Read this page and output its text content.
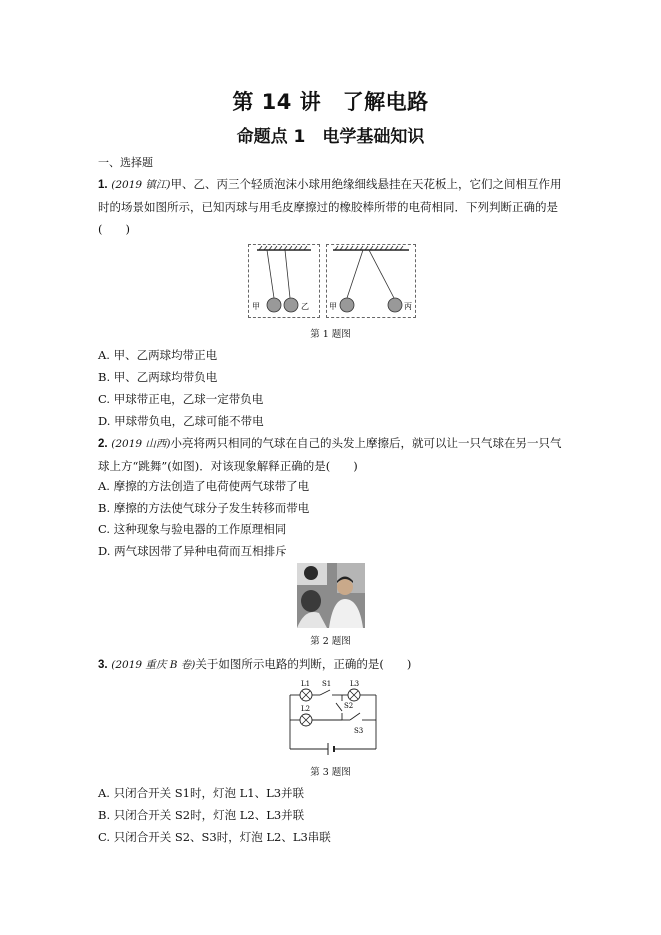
第 14 讲　了解电路
命题点 1　电学基础知识
一、选择题
1. (2019 镇江)甲、乙、丙三个轻质泡沫小球用绝缘细线悬挂在天花板上，它们之间相互作用
时的场景如图所示，已知丙球与用毛皮摩擦过的橡胶棒所带的电荷相同．下列判断正确的是
(　　)
甲	乙	甲	丙
第 1 题图
A. 甲、乙两球均带正电
B. 甲、乙两球均带负电
C. 甲球带正电，乙球一定带负电
D. 甲球带负电，乙球可能不带电
2. (2019 山西)小亮将两只相同的气球在自己的头发上摩擦后，就可以让一只气球在另一只气
球上方“跳舞”(如图)．对该现象解释正确的是(　　)
A. 摩擦的方法创造了电荷使两气球带了电
B. 摩擦的方法使气球分子发生转移而带电
C. 这种现象与验电器的工作原理相同
D. 两气球因带了异种电荷而互相排斥
第 2 题图
3. (2019 重庆 B 卷)关于如图所示电路的判断，正确的是(　　)
L1 S1	L3
L2	S2
S3
第 3 题图
A. 只闭合开关 S1时，灯泡 L1、L3并联
B. 只闭合开关 S2时，灯泡 L2、L3并联
C. 只闭合开关 S2、S3时，灯泡 L2、L3串联
